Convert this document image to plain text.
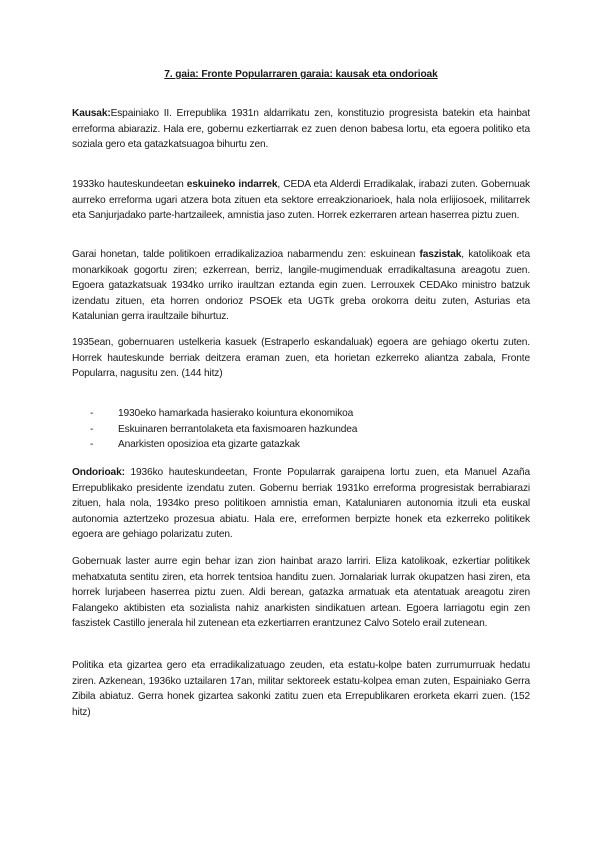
7. gaia: Fronte Popularraren garaia: kausak eta ondorioak

Kausak:Espainiako II. Errepublika 1931n aldarrikatu zen, konstituzio progresista batekin eta hainbat erreforma abiaraziz. Hala ere, gobernu ezkertiarrak ez zuen denon babesa lortu, eta egoera politiko eta soziala gero eta gatazkatsuagoa bihurtu zen.

1933ko hauteskundeetan eskuineko indarrek, CEDA eta Alderdi Erradikalak, irabazi zuten. Gobernuak aurreko erreforma ugari atzera bota zituen eta sektore erreakzionarioek, hala nola erlijiosoek, militarrek eta Sanjurjadako parte-hartzaileek, amnistia jaso zuten. Horrek ezkerraren artean haserrea piztu zuen.

Garai honetan, talde politikoen erradikalizazioa nabarmendu zen: eskuinean faszistak, katolikoak eta monarkikoak gogortu ziren; ezkerrean, berriz, langile-mugimenduak erradikaltasuna areagotu zuen. Egoera gatazkatsuak 1934ko urriko iraultzan eztanda egin zuen. Lerrouxek CEDAko ministro batzuk izendatu zituen, eta horren ondorioz PSOEk eta UGTk greba orokorra deitu zuten, Asturias eta Katalunian gerra iraultzaile bihurtuz.

1935ean, gobernuaren ustelkeria kasuek (Estraperlo eskandaluak) egoera are gehiago okertu zuten. Horrek hauteskunde berriak deitzera eraman zuen, eta horietan ezkerreko aliantza zabala, Fronte Popularra, nagusitu zen. (144 hitz)

- 1930eko hamarkada hasierako koiuntura ekonomikoa
- Eskuinaren berrantolaketa eta faxismoaren hazkundea
- Anarkisten oposizioa eta gizarte gatazkak

Ondorioak: 1936ko hauteskundeetan, Fronte Popularrak garaipena lortu zuen, eta Manuel Azaña Errepublikako presidente izendatu zuten. Gobernu berriak 1931ko erreforma progresistak berrabiarazi zituen, hala nola, 1934ko preso politikoen amnistia eman, Kataluniaren autonomia itzuli eta euskal autonomia aztertzeko prozesua abiatu. Hala ere, erreformen berpizte honek eta ezkerreko politikek egoera are gehiago polarizatu zuten.

Gobernuak laster aurre egin behar izan zion hainbat arazo larriri. Eliza katolikoak, ezkertiar politikek mehatxatuta sentitu ziren, eta horrek tentsioa handitu zuen. Jornalariak lurrak okupatzen hasi ziren, eta horrek lurjabeen haserrea piztu zuen. Aldi berean, gatazka armatuak eta atentatuak areagotu ziren Falangeko aktibisten eta sozialista nahiz anarkisten sindikatuen artean. Egoera larriagotu egin zen faszistek Castillo jenerala hil zutenean eta ezkertiarren erantzunez Calvo Sotelo erail zutenean.

Politika eta gizartea gero eta erradikalizatuago zeuden, eta estatu-kolpe baten zurrumurruak hedatu ziren. Azkenean, 1936ko uztailaren 17an, militar sektoreek estatu-kolpea eman zuten, Espainiako Gerra Zibila abiatuz. Gerra honek gizartea sakonki zatitu zuen eta Errepublikaren erorketa ekarri zuen. (152 hitz)
